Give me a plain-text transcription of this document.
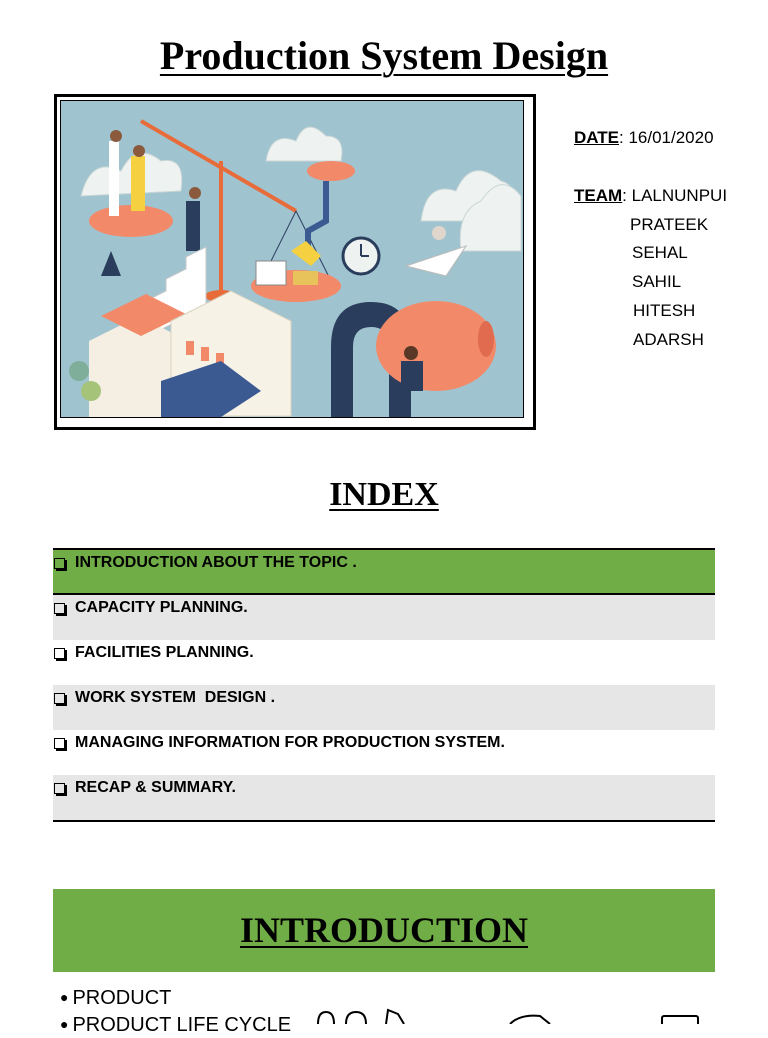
Production System Design
DATE: 16/01/2020
TEAM: LALNUNPUI
PRATEEK
SEHAL
SAHIL
HITESH
ADARSH
INDEX
INTRODUCTION ABOUT THE TOPIC .
CAPACITY PLANNING.
FACILITIES PLANNING.
WORK SYSTEM  DESIGN .
MANAGING INFORMATION FOR PRODUCTION SYSTEM.
RECAP & SUMMARY.
INTRODUCTION
● PRODUCT
● PRODUCT LIFE CYCLE
